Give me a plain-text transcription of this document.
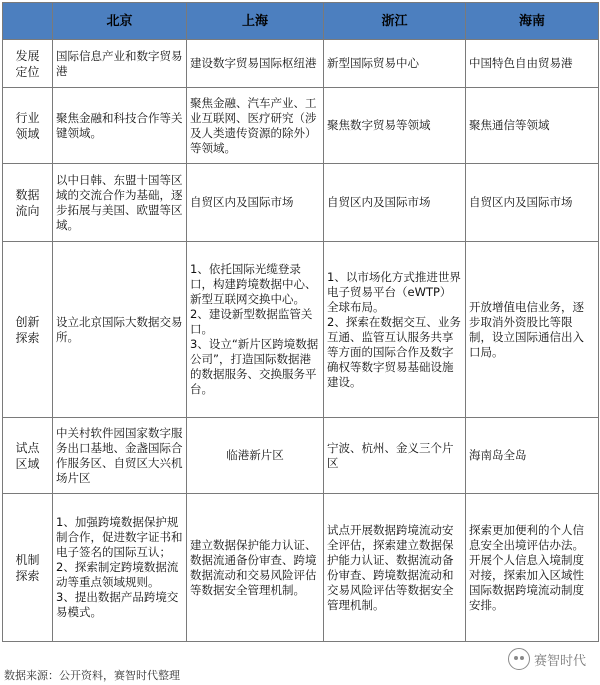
	北京	上海	浙江	海南
发展
定位	国际信息产业和数字贸易港	建设数字贸易国际枢纽港	新型国际贸易中心	中国特色自由贸易港
行业
领域	聚焦金融和科技合作等关键领域。	聚焦金融、汽车产业、工业互联网、医疗研究（涉及人类遗传资源的除外）等领域。	聚焦数字贸易等领域	聚焦通信等领域
数据
流向	以中日韩、东盟十国等区域的交流合作为基础，逐步拓展与美国、欧盟等区域。	自贸区内及国际市场	自贸区内及国际市场	自贸区内及国际市场
创新
探索	设立北京国际大数据交易所。	1、依托国际光缆登录口，构建跨境数据中心、新型互联网交换中心。
2、建设新型数据监管关口。
3、设立“新片区跨境数据公司”，打造国际数据港的数据服务、交换服务平台。	1、以市场化方式推进世界电子贸易平台（eWTP）全球布局。
2、探索在数据交互、业务互通、监管互认服务共享等方面的国际合作及数字确权等数字贸易基础设施建设。	开放增值电信业务，逐步取消外资股比等限制，设立国际通信出入口局。
试点
区域	中关村软件园国家数字服务出口基地、金盏国际合作服务区、自贸区大兴机场片区	临港新片区	宁波、杭州、金义三个片区	海南岛全岛
机制
探索	1、加强跨境数据保护规制合作，促进数字证书和电子签名的国际互认；
2、探索制定跨境数据流动等重点领域规则。
3、提出数据产品跨境交易模式。	建立数据保护能力认证、数据流通备份审查、跨境数据流动和交易风险评估等数据安全管理机制。	试点开展数据跨境流动安全评估，探索建立数据保护能力认证、数据流动备份审查、跨境数据流动和交易风险评估等数据安全管理机制。	探索更加便利的个人信息安全出境评估办法。开展个人信息入境制度对接，探索加入区域性国际数据跨境流动制度安排。
赛智时代
数据来源：公开资料，赛智时代整理
